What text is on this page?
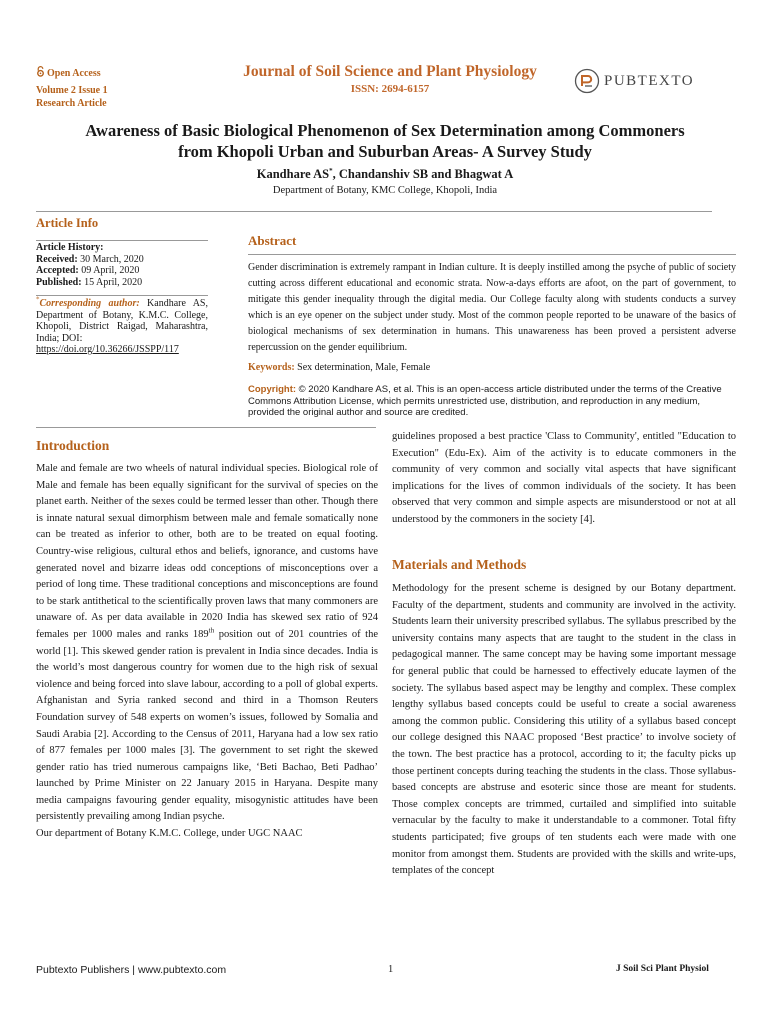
Open Access
Volume 2 Issue 1
Research Article
Journal of Soil Science and Plant Physiology
ISSN: 2694-6157
PUBTEXTO
Awareness of Basic Biological Phenomenon of Sex Determination among Commoners
from Khopoli Urban and Suburban Areas- A Survey Study
Kandhare AS*, Chandanshiv SB and Bhagwat A
Department of Botany, KMC College, Khopoli, India
Article Info
Article History:
Received: 30 March, 2020
Accepted: 09 April, 2020
Published: 15 April, 2020
*Corresponding author: Kandhare AS, Department of Botany, K.M.C. College, Khopoli, District Raigad, Maharashtra, India; DOI:
https://doi.org/10.36266/JSSPP/117
Abstract
Gender discrimination is extremely rampant in Indian culture. It is deeply instilled among the psyche of public of society cutting across different educational and economic strata. Now-a-days efforts are afoot, on the part of government, to mitigate this gender inequality through the digital media. Our College faculty along with students conducts a survey which is an eye opener on the subject under study. Most of the common people reported to be unaware of the basics of biological mechanisms of sex determination in humans. This unawareness has been proved a persistent adverse repercussion on the gender equilibrium.
Keywords: Sex determination, Male, Female
Copyright: © 2020 Kandhare AS, et al. This is an open-access article distributed under the terms of the Creative Commons Attribution License, which permits unrestricted use, distribution, and reproduction in any medium, provided the original author and source are credited.
Introduction
Male and female are two wheels of natural individual species. Biological role of Male and female has been equally significant for the survival of species on the planet earth. Neither of the sexes could be termed lesser than other. Though there is innate natural sexual dimorphism between male and female somatically none can be treated as inferior to other, both are to be treated on equal footing. Country-wise religious, cultural ethos and beliefs, ignorance, and customs have generated novel and bizarre ideas odd conceptions of misconceptions over a period of long time. These traditional conceptions and misconceptions are found to be stark antithetical to the scientifically proven laws that many commoners are unaware of. As per data available in 2020 India has skewed sex ratio of 924 females per 1000 males and ranks 189th position out of 201 countries of the world [1]. This skewed gender ration is prevalent in India since decades. India is the world’s most dangerous country for women due to the high risk of sexual violence and being forced into slave labour, according to a poll of global experts. Afghanistan and Syria ranked second and third in a Thomson Reuters Foundation survey of 548 experts on women’s issues, followed by Somalia and Saudi Arabia [2]. According to the Census of 2011, Haryana had a low sex ratio of 877 females per 1000 males [3]. The government to set right the skewed gender ratio has tried numerous campaigns like, ‘Beti Bachao, Beti Padhao’ launched by Prime Minister on 22 January 2015 in Haryana. Despite many media campaigns favouring gender equality, misogynistic attitudes have been persistently prevailing among Indian psyche.
Our department of Botany K.M.C. College, under UGC NAAC
guidelines proposed a best practice 'Class to Community', entitled "Education to Execution" (Edu-Ex). Aim of the activity is to educate commoners in the community of very common and socially vital aspects that have significant implications for the lives of common individuals of the society. It has been observed that very common and simple aspects are misunderstood or not at all understood by the commoners in the society [4].
Materials and Methods
Methodology for the present scheme is designed by our Botany department. Faculty of the department, students and community are involved in the activity. Students learn their university prescribed syllabus. The syllabus prescribed by the university contains many aspects that are taught to the student in the class in pedagogical manner. The same concept may be having some important message for general public that could be harnessed to effectively educate laymen of the society. The syllabus based aspect may be lengthy and complex. These complex lengthy syllabus based concepts could be useful to create a social awareness among the common public. Considering this utility of a syllabus based concept our college designed this NAAC proposed ‘Best practice’ to involve society of the town. The best practice has a protocol, according to it; the faculty picks up those pertinent concepts during teaching the students in the class. Those syllabus-based concepts are abstruse and esoteric since those are meant for students. Those complex concepts are trimmed, curtailed and simplified into suitable vernacular by the faculty to make it understandable to a commoner. Total fifty students participated; five groups of ten students each were made with one monitor from amongst them. Students are provided with the skills and write-ups, templates of the concept
Pubtexto Publishers | www.pubtexto.com	1	J Soil Sci Plant Physiol
